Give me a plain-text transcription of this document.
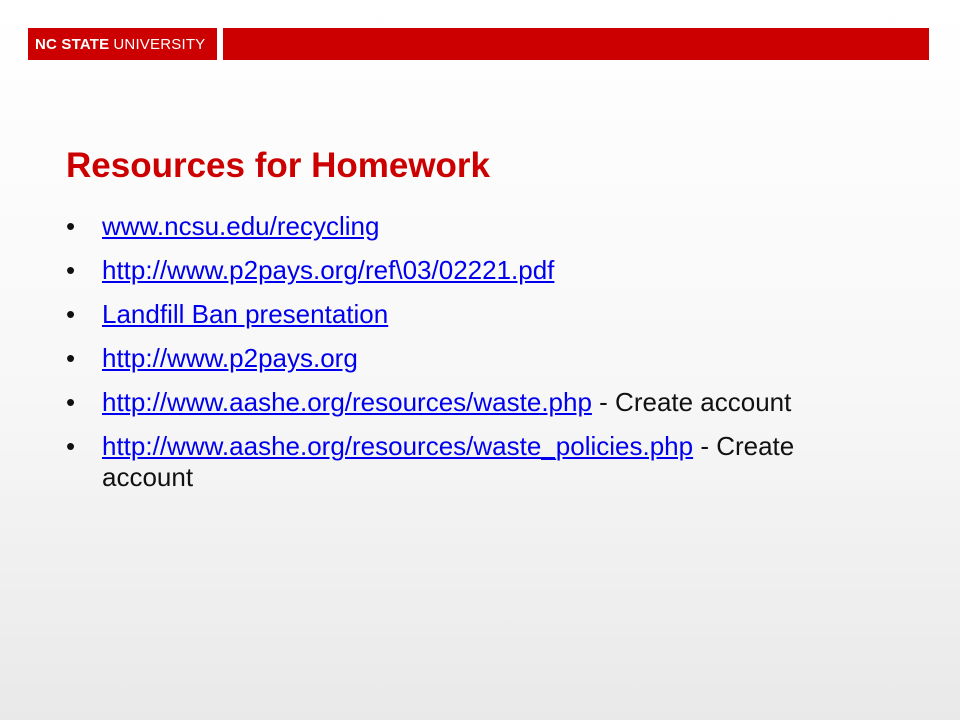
NC STATE UNIVERSITY
Resources for Homework
• www.ncsu.edu/recycling
• http://www.p2pays.org/ref\03/02221.pdf
• Landfill Ban presentation
• http://www.p2pays.org
• http://www.aashe.org/resources/waste.php - Create account
• http://www.aashe.org/resources/waste_policies.php - Create account
